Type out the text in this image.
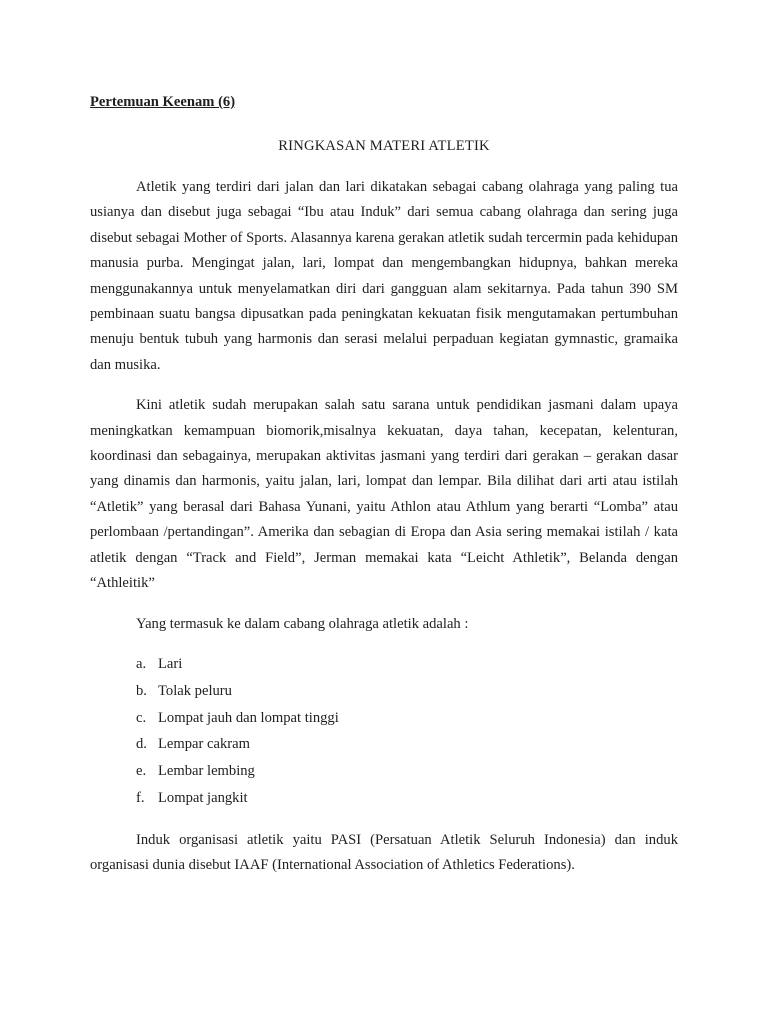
Pertemuan Keenam (6)

RINGKASAN MATERI ATLETIK

Atletik yang terdiri dari jalan dan lari dikatakan sebagai cabang olahraga yang paling tua usianya dan disebut juga sebagai “Ibu atau Induk” dari semua cabang olahraga dan sering juga disebut sebagai Mother of Sports. Alasannya karena gerakan atletik sudah tercermin pada kehidupan manusia purba. Mengingat jalan, lari, lompat dan mengembangkan hidupnya, bahkan mereka menggunakannya untuk menyelamatkan diri dari gangguan alam sekitarnya. Pada tahun 390 SM pembinaan suatu bangsa dipusatkan pada peningkatan kekuatan fisik mengutamakan pertumbuhan menuju bentuk tubuh yang harmonis dan serasi melalui perpaduan kegiatan gymnastic, gramaika dan musika.

Kini atletik sudah merupakan salah satu sarana untuk pendidikan jasmani dalam upaya meningkatkan kemampuan biomorik,misalnya kekuatan, daya tahan, kecepatan, kelenturan, koordinasi dan sebagainya, merupakan aktivitas jasmani yang terdiri dari gerakan – gerakan dasar yang dinamis dan harmonis, yaitu jalan, lari, lompat dan lempar. Bila dilihat dari arti atau istilah “Atletik” yang berasal dari Bahasa Yunani, yaitu Athlon atau Athlum yang berarti “Lomba” atau perlombaan /pertandingan”. Amerika dan sebagian di Eropa dan Asia sering memakai istilah / kata atletik dengan “Track and Field”, Jerman memakai kata “Leicht Athletik”, Belanda dengan “Athleitik”

Yang termasuk ke dalam cabang olahraga atletik adalah :

a. Lari
b. Tolak peluru
c. Lompat jauh dan lompat tinggi
d. Lempar cakram
e. Lembar lembing
f. Lompat jangkit

Induk organisasi atletik yaitu PASI (Persatuan Atletik Seluruh Indonesia) dan induk organisasi dunia disebut IAAF (International Association of Athletics Federations).
